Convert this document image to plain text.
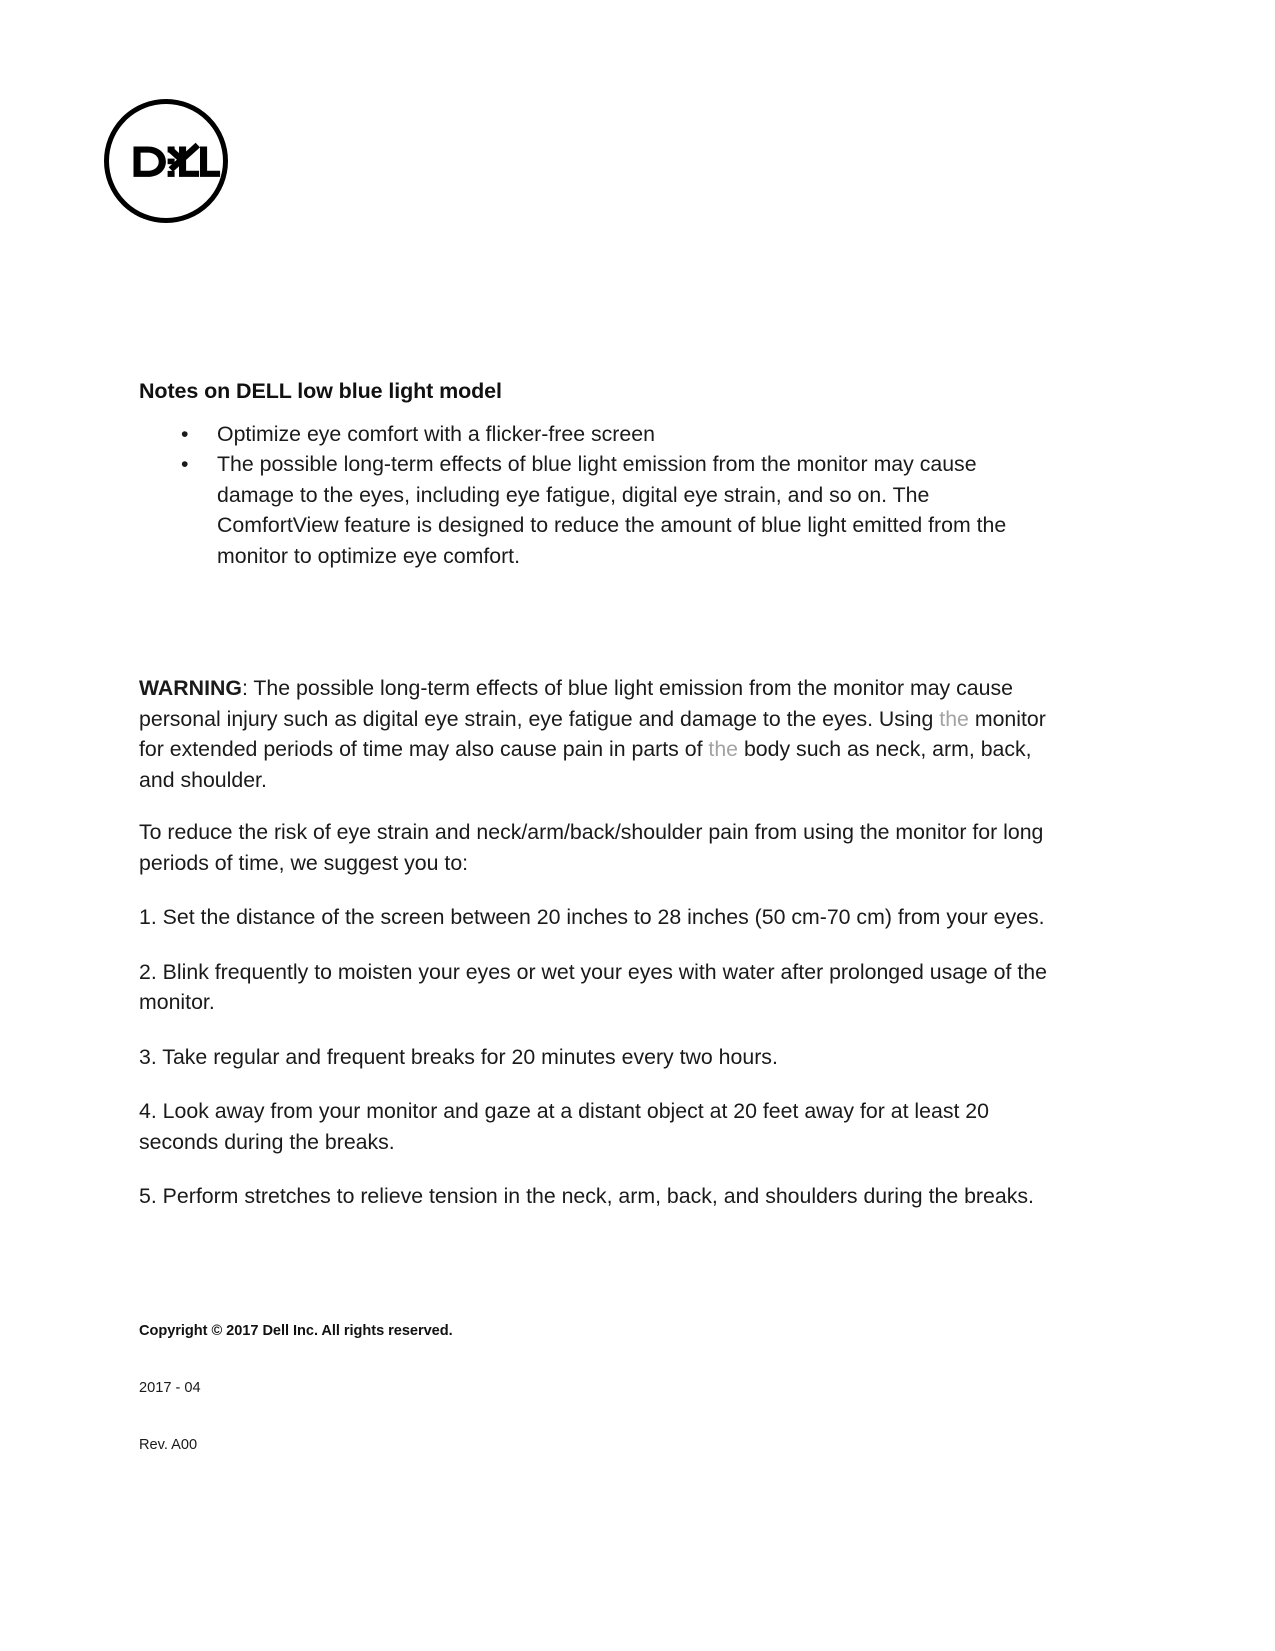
Notes on DELL low blue light model
• Optimize eye comfort with a flicker-free screen
• The possible long-term effects of blue light emission from the monitor may cause damage to the eyes, including eye fatigue, digital eye strain, and so on. The ComfortView feature is designed to reduce the amount of blue light emitted from the monitor to optimize eye comfort.

WARNING: The possible long-term effects of blue light emission from the monitor may cause personal injury such as digital eye strain, eye fatigue and damage to the eyes. Using the monitor for extended periods of time may also cause pain in parts of the body such as neck, arm, back, and shoulder.

To reduce the risk of eye strain and neck/arm/back/shoulder pain from using the monitor for long periods of time, we suggest you to:

1. Set the distance of the screen between 20 inches to 28 inches (50 cm-70 cm) from your eyes.

2. Blink frequently to moisten your eyes or wet your eyes with water after prolonged usage of the monitor.

3. Take regular and frequent breaks for 20 minutes every two hours.

4. Look away from your monitor and gaze at a distant object at 20 feet away for at least 20 seconds during the breaks.

5. Perform stretches to relieve tension in the neck, arm, back, and shoulders during the breaks.

Copyright © 2017 Dell Inc. All rights reserved.

2017 - 04

Rev. A00
